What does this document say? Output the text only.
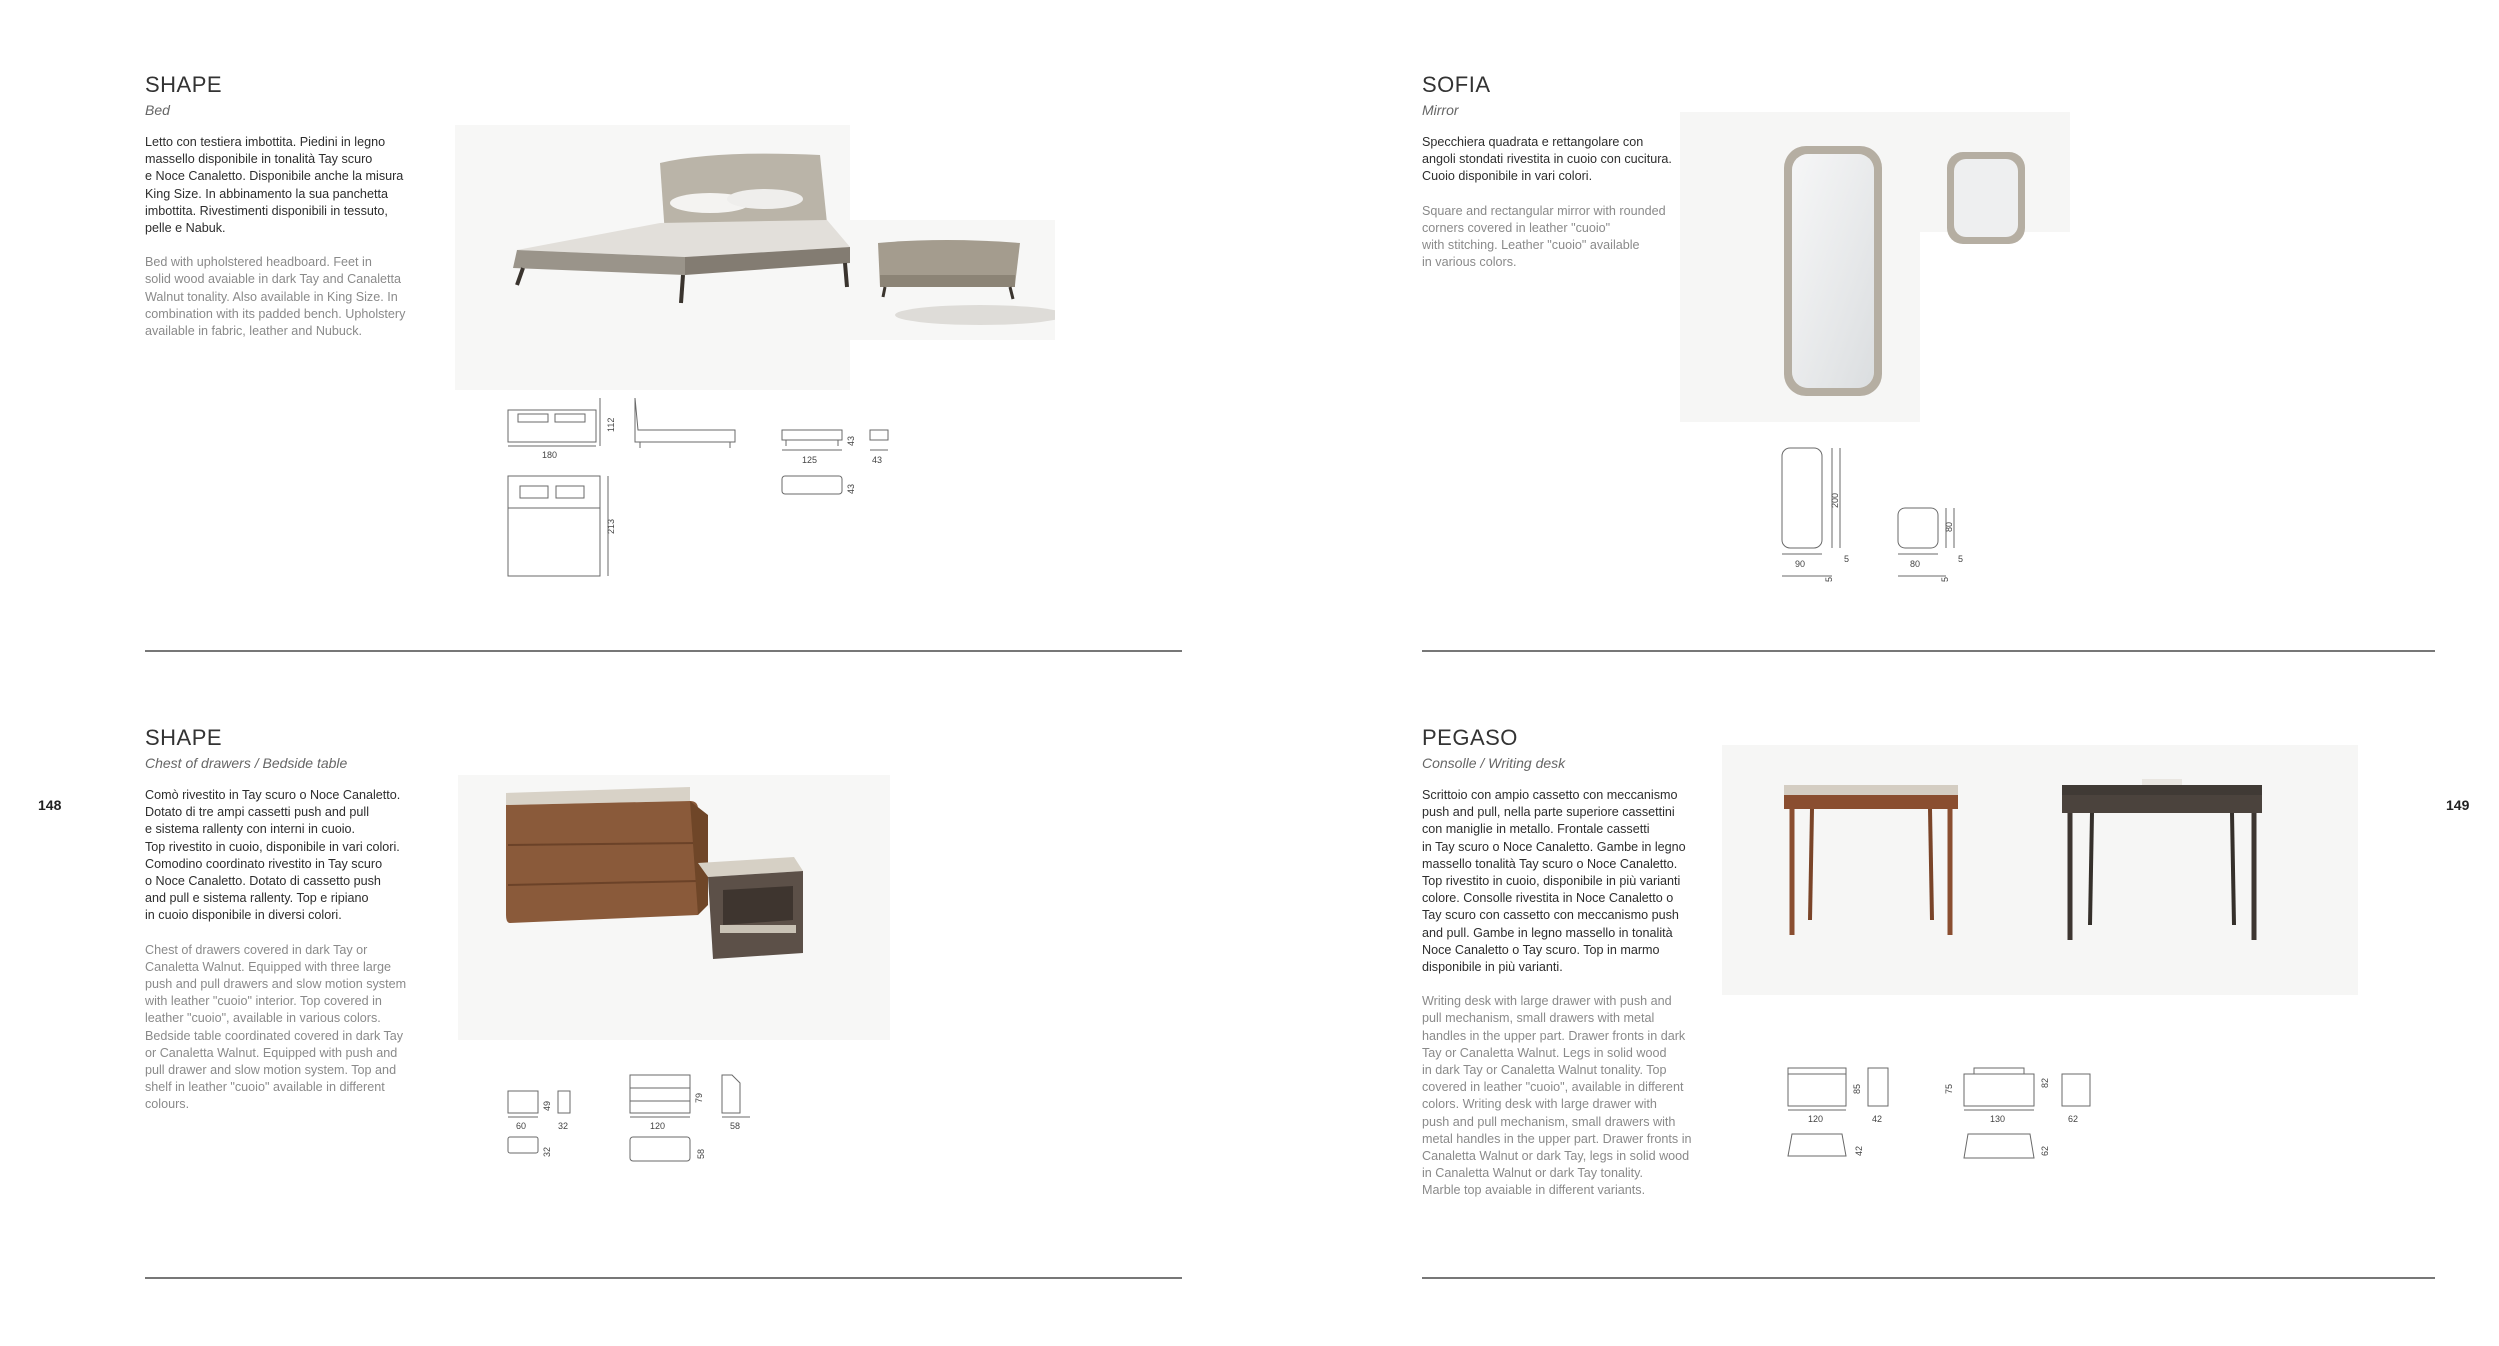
148	149
SHAPE
Bed
Letto con testiera imbottita. Piedini in legno
massello disponibile in tonalità Tay scuro
e Noce Canaletto. Disponibile anche la misura
King Size. In abbinamento la sua panchetta
imbottita. Rivestimenti disponibili in tessuto,
pelle e Nabuk.
Bed with upholstered headboard. Feet in
solid wood avaiable in dark Tay and Canaletta
Walnut tonality. Also available in King Size. In
combination with its padded bench. Upholstery
available in fabric, leather and Nubuck.
180
112
213
125
43
43
43
SOFIA
Mirror
Specchiera quadrata e rettangolare con
angoli stondati rivestita in cuoio con cucitura.
Cuoio disponibile in vari colori.
Square and rectangular mirror with rounded
corners covered in leather "cuoio"
with stitching. Leather "cuoio" available
in various colors.
90
200
5
5
80
80
5
5
SHAPE
Chest of drawers / Bedside table
Comò rivestito in Tay scuro o Noce Canaletto.
Dotato di tre ampi cassetti push and pull
e sistema rallenty con interni in cuoio.
Top rivestito in cuoio, disponibile in vari colori.
Comodino coordinato rivestito in Tay scuro
o Noce Canaletto. Dotato di cassetto push
and pull e sistema rallenty. Top e ripiano
in cuoio disponibile in diversi colori.
Chest of drawers covered in dark Tay or
Canaletta Walnut. Equipped with three large
push and pull drawers and slow motion system
with leather "cuoio" interior. Top covered in
leather "cuoio", available in various colors.
Bedside table coordinated covered in dark Tay
or Canaletta Walnut. Equipped with push and
pull drawer and slow motion system. Top and
shelf in leather "cuoio" available in different
colours.
60
49
32
32
120
79
58
58
PEGASO
Consolle / Writing desk
Scrittoio con ampio cassetto con meccanismo
push and pull, nella parte superiore cassettini
con maniglie in metallo. Frontale cassetti
in Tay scuro o Noce Canaletto. Gambe in legno
massello tonalità Tay scuro o Noce Canaletto.
Top rivestito in cuoio, disponibile in più varianti
colore. Consolle rivestita in Noce Canaletto o
Tay scuro con cassetto con meccanismo push
and pull. Gambe in legno massello in tonalità
Noce Canaletto o Tay scuro. Top in marmo
disponibile in più varianti.
Writing desk with large drawer with push and
pull mechanism, small drawers with metal
handles in the upper part. Drawer fronts in dark
Tay or Canaletta Walnut. Legs in solid wood
in dark Tay or Canaletta Walnut tonality. Top
covered in leather "cuoio", available in different
colors. Writing desk with large drawer with
push and pull mechanism, small drawers with
metal handles in the upper part. Drawer fronts in
Canaletta Walnut or dark Tay, legs in solid wood
in Canaletta Walnut or dark Tay tonality.
Marble top avaiable in different variants.
120
85
42
42
130
75
82
62
62
